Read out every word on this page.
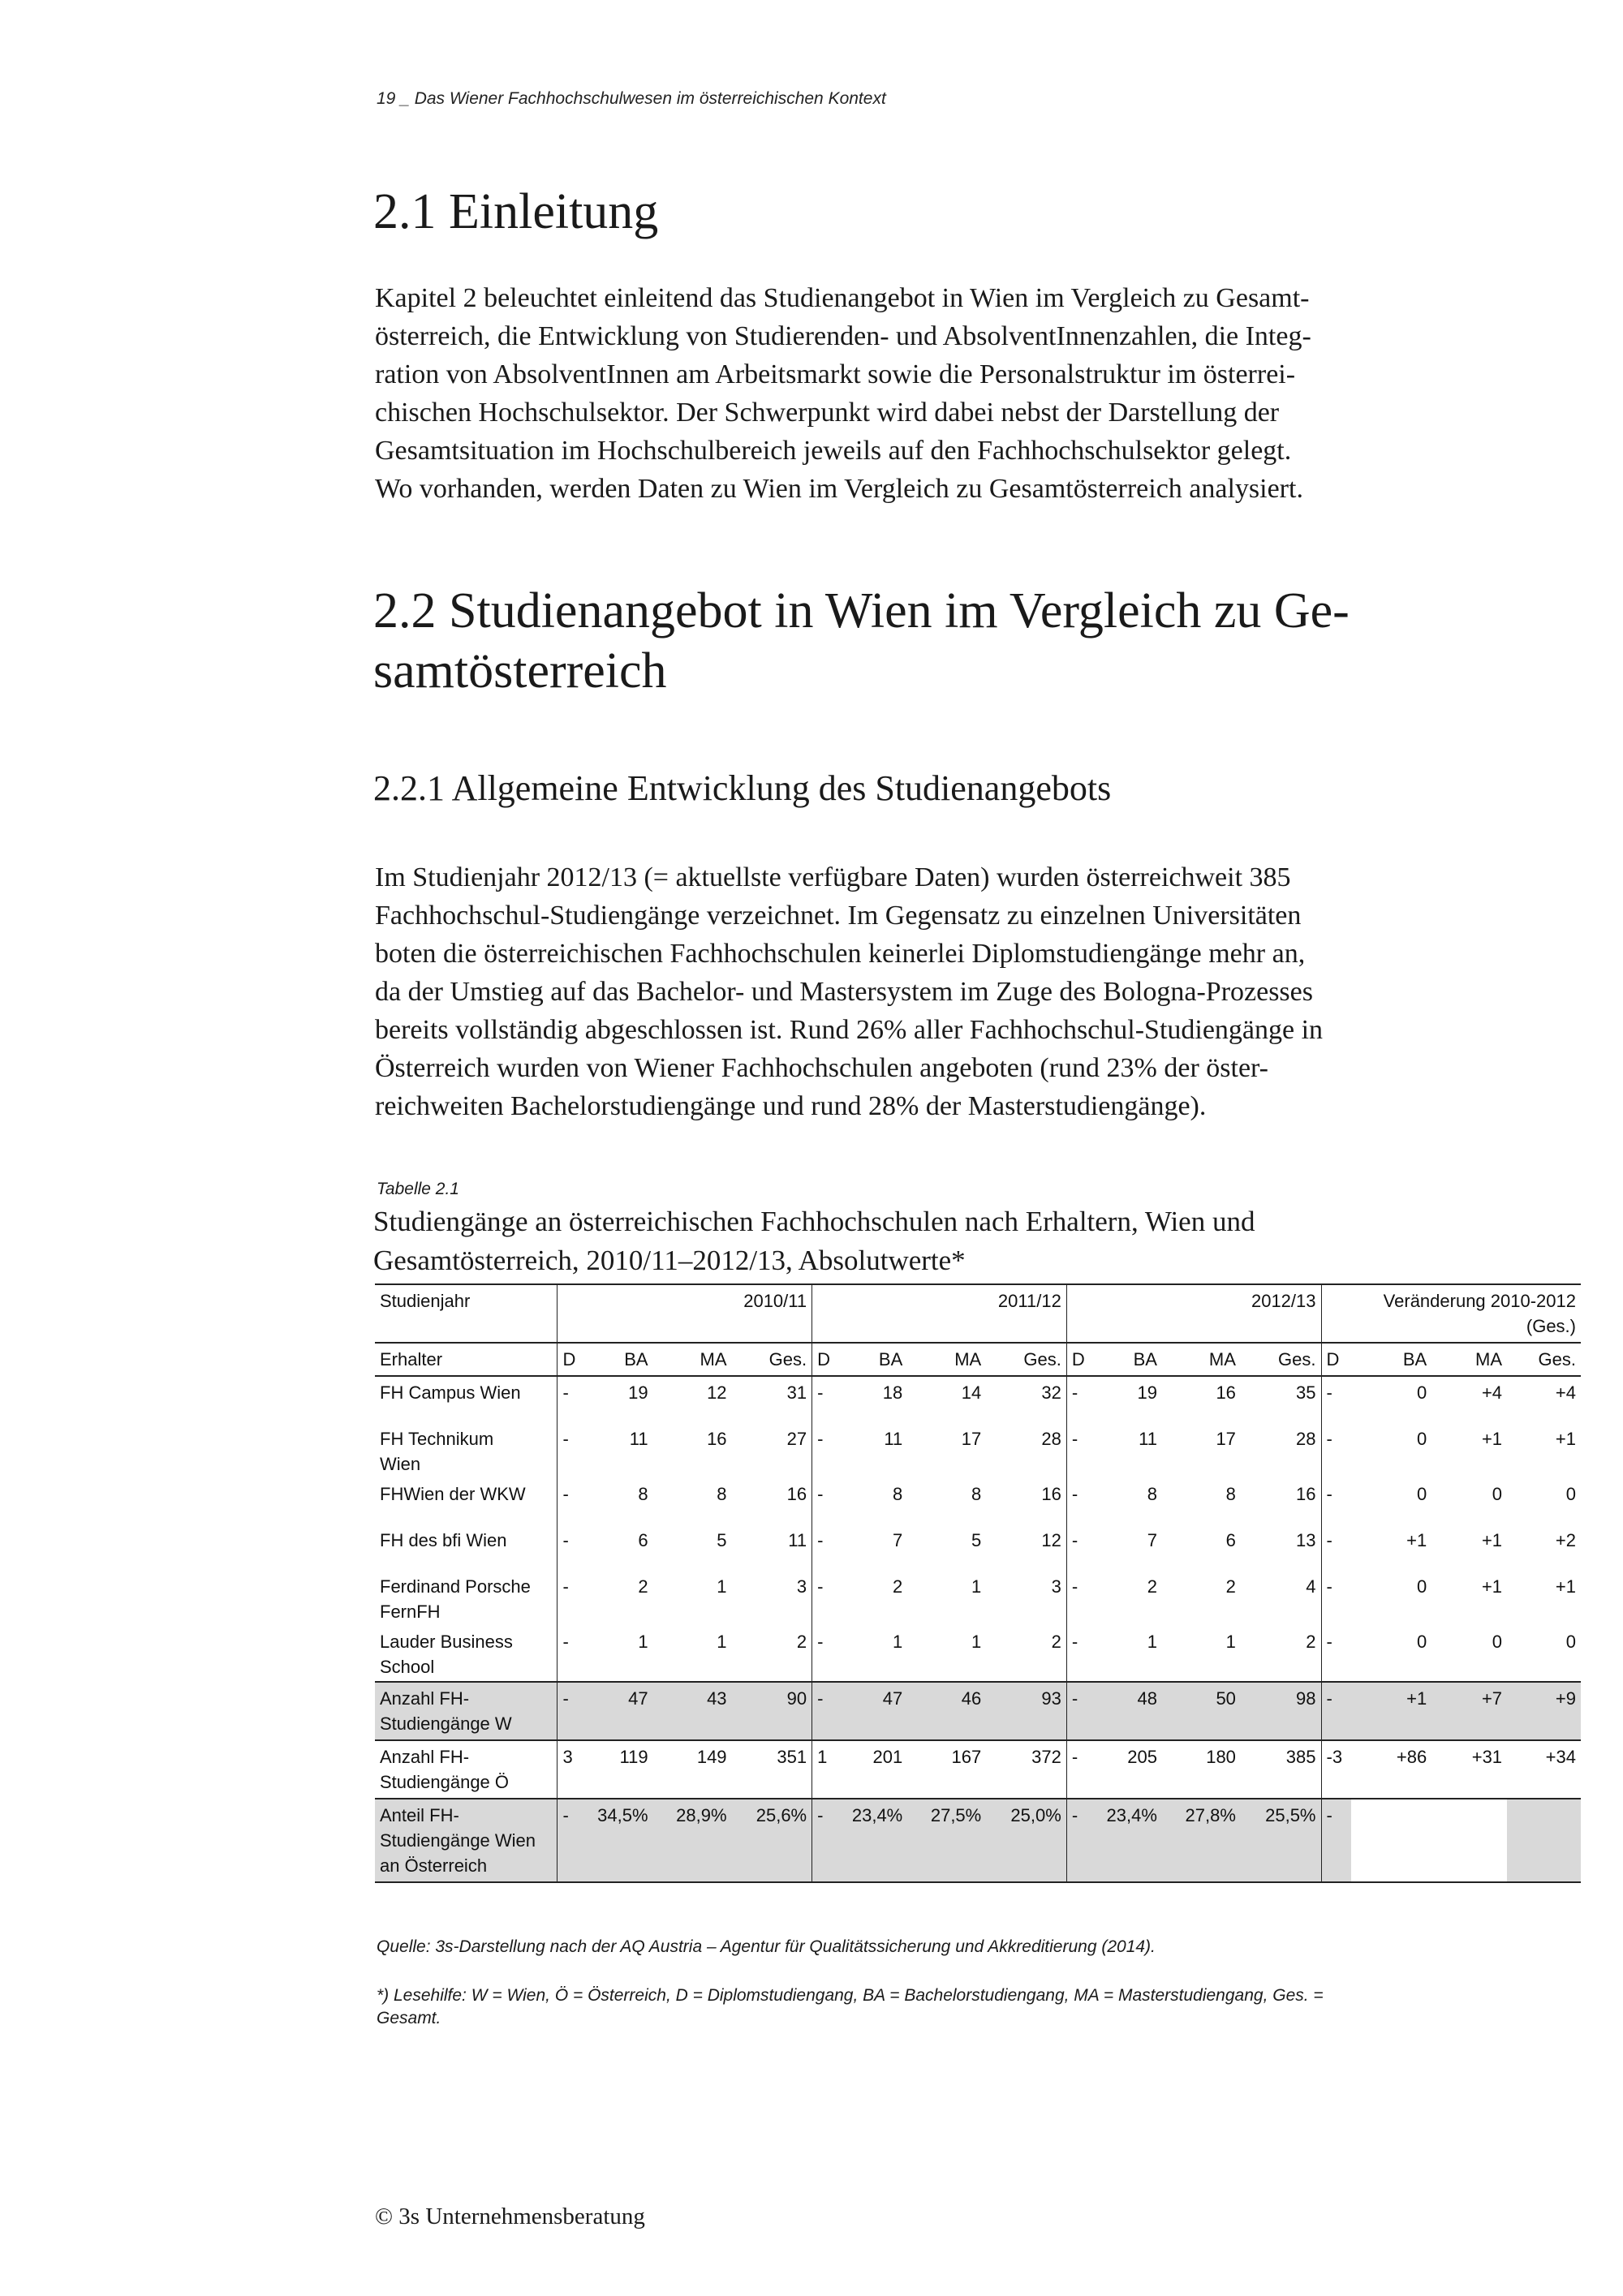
19 _ Das Wiener Fachhochschulwesen im österreichischen Kontext
2.1 Einleitung

Kapitel 2 beleuchtet einleitend das Studienangebot in Wien im Vergleich zu Gesamt-
österreich, die Entwicklung von Studierenden- und AbsolventInnenzahlen, die Integ-
ration von AbsolventInnen am Arbeitsmarkt sowie die Personalstruktur im österrei-
chischen Hochschulsektor. Der Schwerpunkt wird dabei nebst der Darstellung der
Gesamtsituation im Hochschulbereich jeweils auf den Fachhochschulsektor gelegt.
Wo vorhanden, werden Daten zu Wien im Vergleich zu Gesamtösterreich analysiert.

2.2 Studienangebot in Wien im Vergleich zu Ge-
samtösterreich
2.2.1 Allgemeine Entwicklung des Studienangebots

Im Studienjahr 2012/13 (= aktuellste verfügbare Daten) wurden österreichweit 385
Fachhochschul-Studiengänge verzeichnet. Im Gegensatz zu einzelnen Universitäten
boten die österreichischen Fachhochschulen keinerlei Diplomstudiengänge mehr an,
da der Umstieg auf das Bachelor- und Mastersystem im Zuge des Bologna-Prozesses
bereits vollständig abgeschlossen ist. Rund 26% aller Fachhochschul-Studiengänge in
Österreich wurden von Wiener Fachhochschulen angeboten (rund 23% der öster-
reichweiten Bachelorstudiengänge und rund 28% der Masterstudiengänge).

Tabelle 2.1
Studiengänge an österreichischen Fachhochschulen nach Erhaltern, Wien und
Gesamtösterreich, 2010/11–2012/13, Absolutwerte*
Studienjahr	2010/11				2011/12				2012/13				Veränderung 2010-2012
(Ges.)			

Erhalter	D	BA	MA	Ges.	D	BA	MA	Ges.	D	BA	MA	Ges.	D	BA	MA	Ges.

FH Campus Wien	-	19	12	31	-	18	14	32	-	19	16	35	-	0	+4	+4

FH Technikum
Wien	-	11	16	27	-	11	17	28	-	11	17	28	-	0	+1	+1

FHWien der WKW	-	8	8	16	-	8	8	16	-	8	8	16	-	0	0	0

FH des bfi Wien	-	6	5	11	-	7	5	12	-	7	6	13	-	+1	+1	+2

Ferdinand Porsche
FernFH	-	2	1	3	-	2	1	3	-	2	2	4	-	0	+1	+1

Lauder Business
School	-	1	1	2	-	1	1	2	-	1	1	2	-	0	0	0

Anzahl FH-
Studiengänge W	-	47	43	90	-	47	46	93	-	48	50	98	-	+1	+7	+9

Anzahl FH-
Studiengänge Ö	3	119	149	351	1	201	167	372	-	205	180	385	-3	+86	+31	+34

Anteil FH-
Studiengänge Wien
an Österreich	-	34,5%	28,9%	25,6%	-	23,4%	27,5%	25,0%	-	23,4%	27,8%	25,5%	-			
Quelle: 3s-Darstellung nach der AQ Austria – Agentur für Qualitätssicherung und Akkreditierung (2014).
*) Lesehilfe: W = Wien, Ö = Österreich, D = Diplomstudiengang, BA = Bachelorstudiengang, MA = Masterstudiengang, Ges. =
Gesamt.
© 3s Unternehmensberatung
